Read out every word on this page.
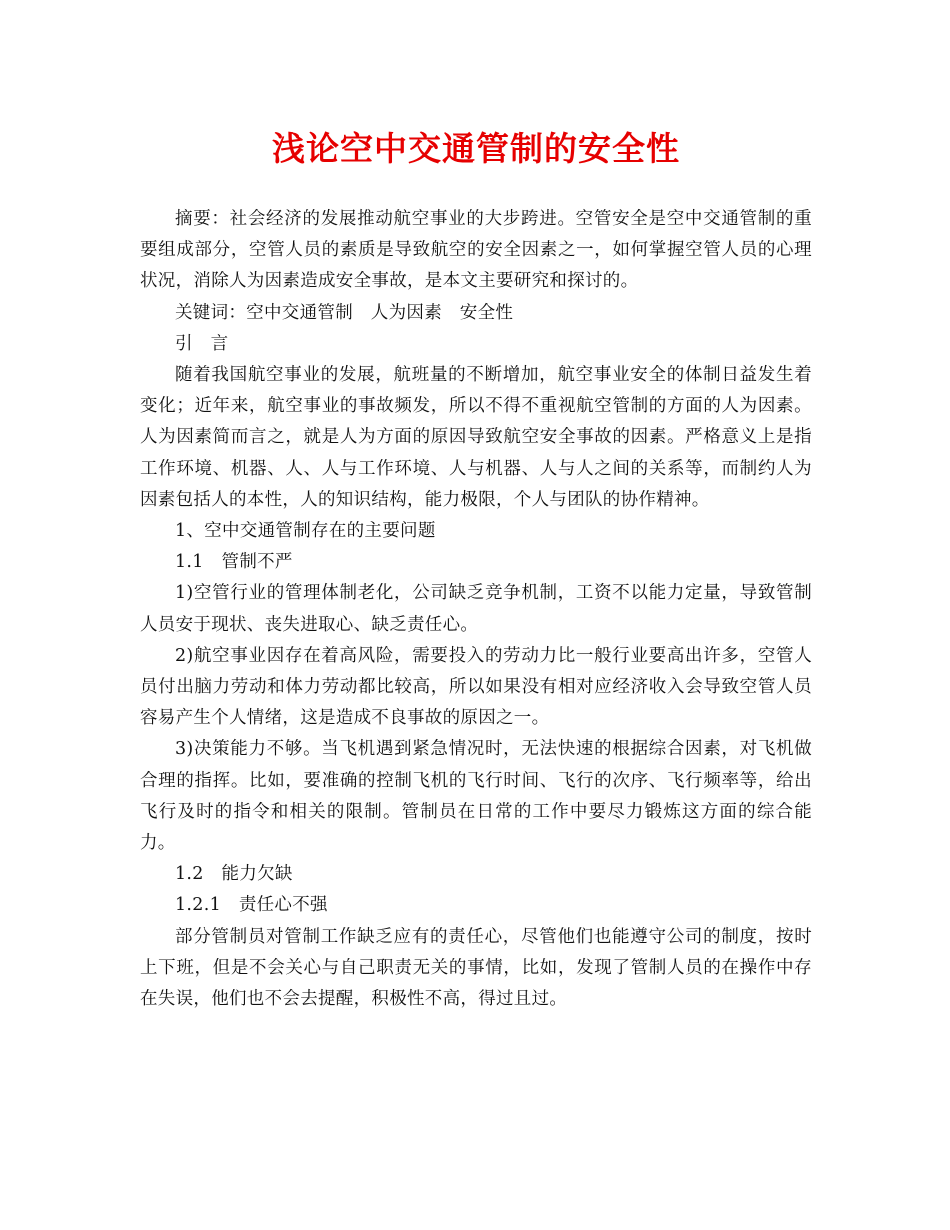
浅论空中交通管制的安全性

摘要：社会经济的发展推动航空事业的大步跨进。空管安全是空中交通管制的重要组成部分，空管人员的素质是导致航空的安全因素之一，如何掌握空管人员的心理状况，消除人为因素造成安全事故，是本文主要研究和探讨的。

关键词：空中交通管制　人为因素　安全性

引　言

随着我国航空事业的发展，航班量的不断增加，航空事业安全的体制日益发生着变化；近年来，航空事业的事故频发，所以不得不重视航空管制的方面的人为因素。人为因素简而言之，就是人为方面的原因导致航空安全事故的因素。严格意义上是指工作环境、机器、人、人与工作环境、人与机器、人与人之间的关系等，而制约人为因素包括人的本性，人的知识结构，能力极限，个人与团队的协作精神。

1、空中交通管制存在的主要问题

1.1　管制不严

1)空管行业的管理体制老化，公司缺乏竞争机制，工资不以能力定量，导致管制人员安于现状、丧失进取心、缺乏责任心。

2)航空事业因存在着高风险，需要投入的劳动力比一般行业要高出许多，空管人员付出脑力劳动和体力劳动都比较高，所以如果没有相对应经济收入会导致空管人员容易产生个人情绪，这是造成不良事故的原因之一。

3)决策能力不够。当飞机遇到紧急情况时，无法快速的根据综合因素，对飞机做合理的指挥。比如，要准确的控制飞机的飞行时间、飞行的次序、飞行频率等，给出飞行及时的指令和相关的限制。管制员在日常的工作中要尽力锻炼这方面的综合能力。

1.2　能力欠缺

1.2.1　责任心不强

部分管制员对管制工作缺乏应有的责任心，尽管他们也能遵守公司的制度，按时上下班，但是不会关心与自己职责无关的事情，比如，发现了管制人员的在操作中存在失误，他们也不会去提醒，积极性不高，得过且过。
